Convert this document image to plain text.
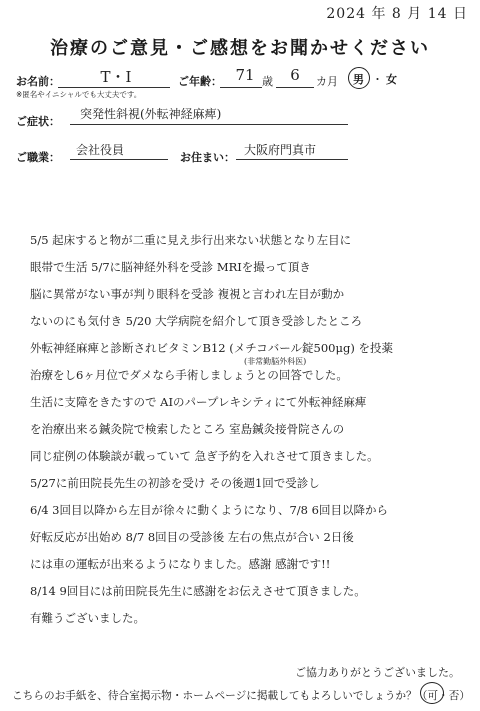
2024 年 8 月 14 日
治療のご意見・ご感想をお聞かせください
お名前：	T・I
※匿名やイニシャルでも大丈夫です。
ご年齢： 71 歳	6	カ月 男 ・ 女
ご症状：
突発性斜視(外転神経麻痺)
ご職業：
会社役員
お住まい：
大阪府門真市
5/5 起床すると物が二重に見え歩行出来ない状態となり左目に
眼帯で生活 5/7に脳神経外科を受診 MRIを撮って頂き
脳に異常がない事が判り眼科を受診 複視と言われ左目が動か
ないのにも気付き 5/20 大学病院を紹介して頂き受診したところ
外転神経麻痺と診断されビタミンB12 (メチコバール錠500μg) を投薬
治療をし6ヶ月位でダメなら手術しましょうとの回答でした。
(非常勤脳外科医)
生活に支障をきたすので AIのパープレキシティにて外転神経麻痺
を治療出来る鍼灸院で検索したところ 室島鍼灸接骨院さんの
同じ症例の体験談が載っていて 急ぎ予約を入れさせて頂きました。
5/27に前田院長先生の初診を受け その後週1回で受診し
6/4 3回目以降から左目が徐々に動くようになり、7/8 6回目以降から
好転反応が出始め 8/7 8回目の受診後 左右の焦点が合い 2日後
には車の運転が出来るようになりました。感謝 感謝です!!
8/14 9回目には前田院長先生に感謝をお伝えさせて頂きました。
有難うございました。
ご協力ありがとうございました。
こちらのお手紙を、待合室掲示物・ホームページに掲載してもよろしいでしょうか？（可・否）
